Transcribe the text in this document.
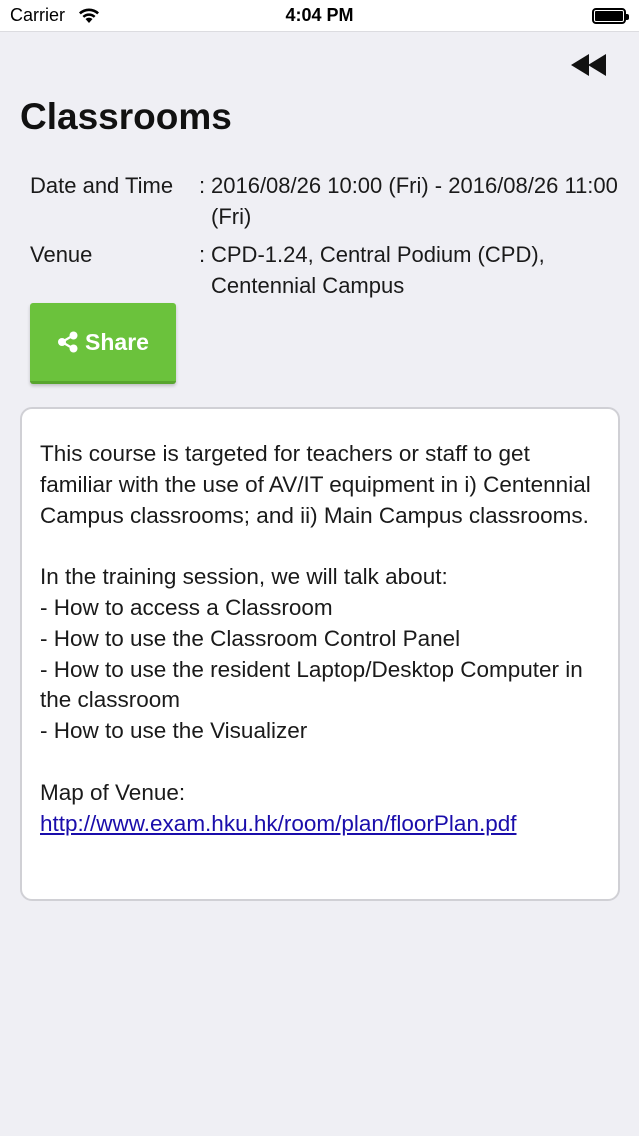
Carrier	4:04 PM
Classrooms
Date and Time	: 2016/08/26 10:00 (Fri) - 2016/08/26 11:00 (Fri)
Venue	: CPD-1.24, Central Podium (CPD), Centennial Campus
Share

This course is targeted for teachers or staff to get familiar with the use of AV/IT equipment in i) Centennial Campus classrooms; and ii) Main Campus classrooms.

In the training session, we will talk about:

- How to access a Classroom

- How to use the Classroom Control Panel

- How to use the resident Laptop/Desktop Computer in the classroom

- How to use the Visualizer

Map of Venue:

http://www.exam.hku.hk/room/plan/floorPlan.pdf
